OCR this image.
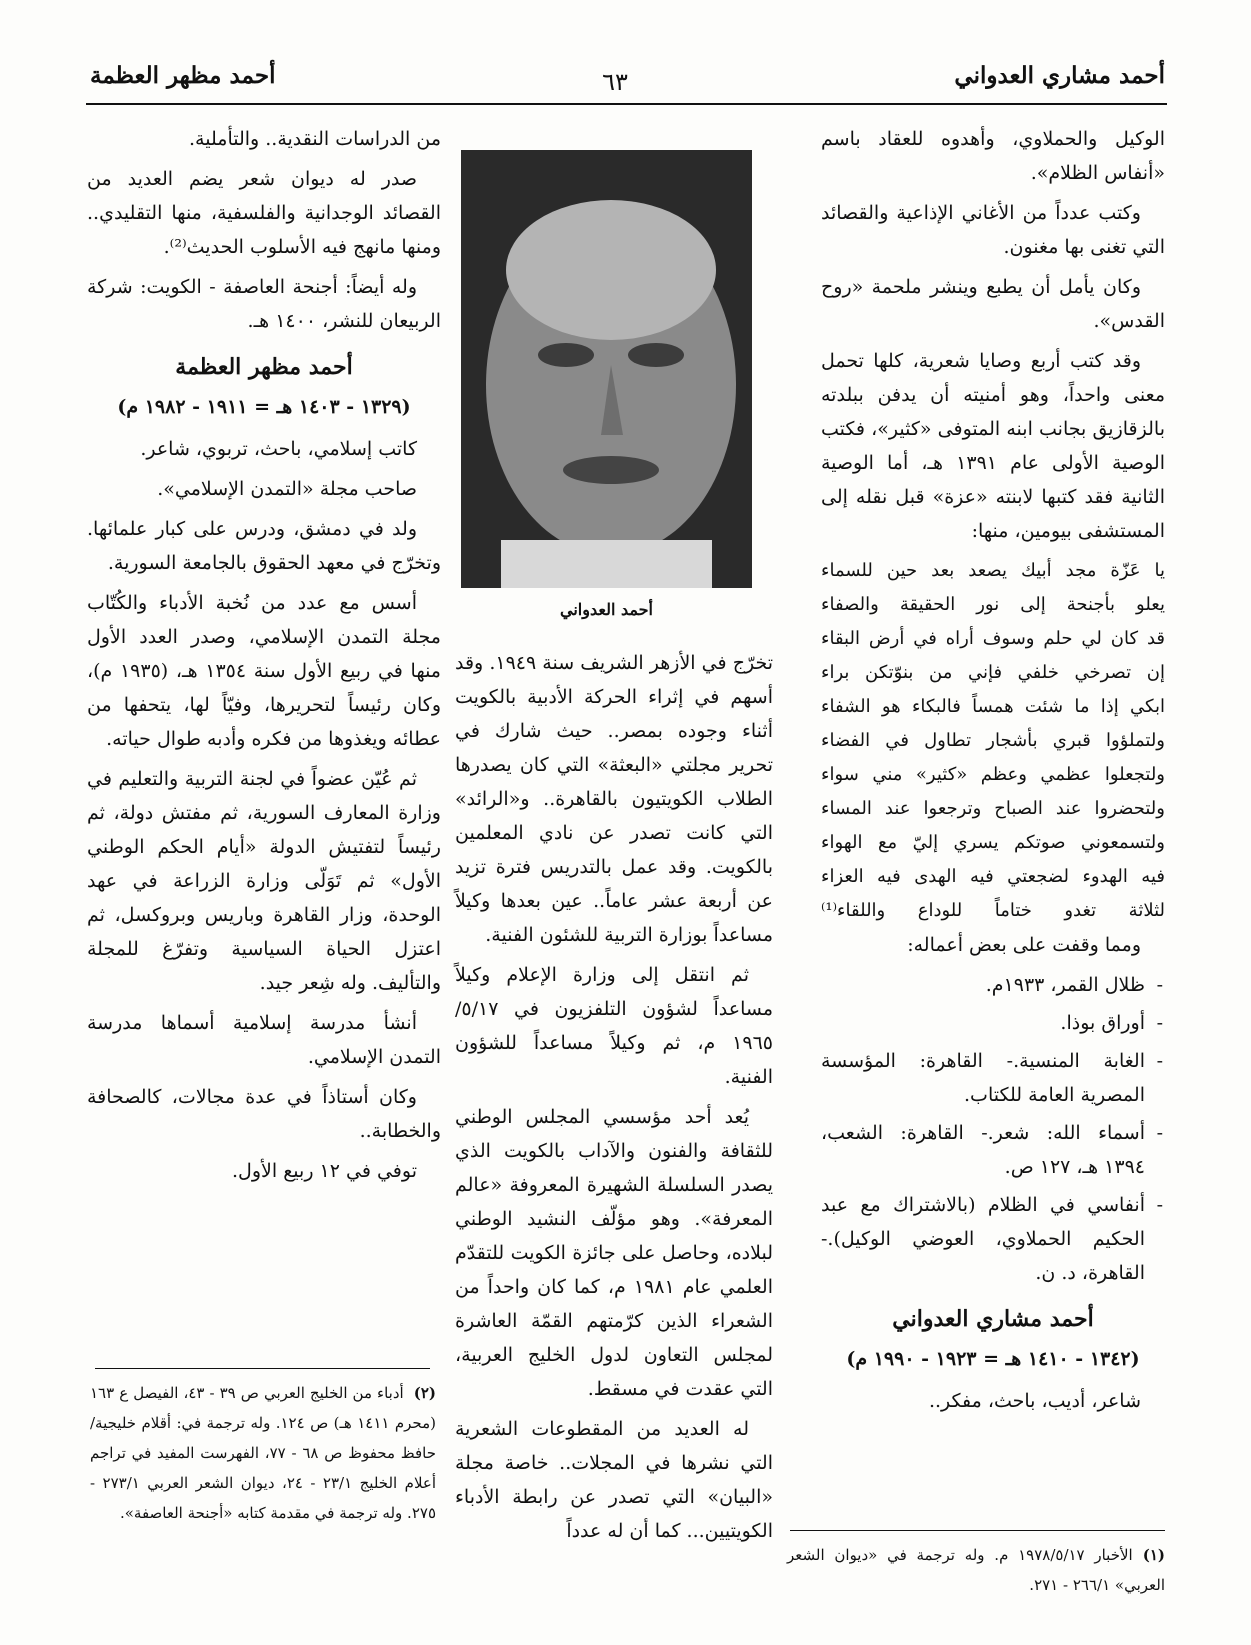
أحمد مشاري العدواني
٦٣
أحمد مظهر العظمة

الوكيل والحملاوي، وأهدوه للعقاد باسم «أنفاس الظلام».

وكتب عدداً من الأغاني الإذاعية والقصائد التي تغنى بها مغنون.

وكان يأمل أن يطبع وينشر ملحمة «روح القدس».

وقد كتب أربع وصايا شعرية، كلها تحمل معنى واحداً، وهو أمنيته أن يدفن ببلدته بالزقازيق بجانب ابنه المتوفى «كثير»، فكتب الوصية الأولى عام ١٣٩١ هـ، أما الوصية الثانية فقد كتبها لابنته «عزة» قبل نقله إلى المستشفى بيومين، منها:

يا عَزّة مجد أبيك يصعد بعد حين للسماء

يعلو بأجنحة إلى نور الحقيقة والصفاء

قد كان لي حلم وسوف أراه في أرض البقاء

إن تصرخي خلفي فإني من بنوّتكن براء

ابكي إذا ما شئت همساً فالبكاء هو الشفاء

ولتملؤوا قبري بأشجار تطاول في الفضاء

ولتجعلوا عظمي وعظم «كثير» مني سواء

ولتحضروا عند الصباح وترجعوا عند المساء

ولتسمعوني صوتكم يسري إليّ مع الهواء

فيه الهدوء لضجعتي فيه الهدى فيه العزاء

لثلاثة تغدو ختاماً للوداع واللقاء⁽¹⁾

ومما وقفت على بعض أعماله:

- ظلال القمر، ١٩٣٣م.
- أوراق بوذا.
- الغابة المنسية.- القاهرة: المؤسسة المصرية العامة للكتاب.
- أسماء الله: شعر.- القاهرة: الشعب، ١٣٩٤ هـ، ١٢٧ ص.
- أنفاسي في الظلام (بالاشتراك مع عبد الحكيم الحملاوي، العوضي الوكيل).- القاهرة، د. ن.
أحمد مشاري العدواني

(١٣٤٢ - ١٤١٠ هـ = ١٩٢٣ - ١٩٩٠ م)

شاعر، أديب، باحث، مفكر..

أحمد العدواني

تخرّج في الأزهر الشريف سنة ١٩٤٩. وقد أسهم في إثراء الحركة الأدبية بالكويت أثناء وجوده بمصر.. حيث شارك في تحرير مجلتي «البعثة» التي كان يصدرها الطلاب الكويتيون بالقاهرة.. و«الرائد» التي كانت تصدر عن نادي المعلمين بالكويت. وقد عمل بالتدريس فترة تزيد عن أربعة عشر عاماً.. عين بعدها وكيلاً مساعداً بوزارة التربية للشئون الفنية.

ثم انتقل إلى وزارة الإعلام وكيلاً مساعداً لشؤون التلفزيون في ٥/١٧/ ١٩٦٥ م، ثم وكيلاً مساعداً للشؤون الفنية.

يُعد أحد مؤسسي المجلس الوطني للثقافة والفنون والآداب بالكويت الذي يصدر السلسلة الشهيرة المعروفة «عالم المعرفة». وهو مؤلّف النشيد الوطني لبلاده، وحاصل على جائزة الكويت للتقدّم العلمي عام ١٩٨١ م، كما كان واحداً من الشعراء الذين كرّمتهم القمّة العاشرة لمجلس التعاون لدول الخليج العربية، التي عقدت في مسقط.

له العديد من المقطوعات الشعرية التي نشرها في المجلات.. خاصة مجلة «البيان» التي تصدر عن رابطة الأدباء الكويتيين... كما أن له عدداً

من الدراسات النقدية.. والتأملية.

صدر له ديوان شعر يضم العديد من القصائد الوجدانية والفلسفية، منها التقليدي.. ومنها مانهج فيه الأسلوب الحديث⁽²⁾.

وله أيضاً: أجنحة العاصفة - الكويت: شركة الربيعان للنشر، ١٤٠٠ هـ.

أحمد مظهر العظمة

(١٣٢٩ - ١٤٠٣ هـ = ١٩١١ - ١٩٨٢ م)

كاتب إسلامي، باحث، تربوي، شاعر.

صاحب مجلة «التمدن الإسلامي».

ولد في دمشق، ودرس على كبار علمائها. وتخرّج في معهد الحقوق بالجامعة السورية.

أسس مع عدد من نُخبة الأدباء والكُتّاب مجلة التمدن الإسلامي، وصدر العدد الأول منها في ربيع الأول سنة ١٣٥٤ هـ، (١٩٣٥ م)، وكان رئيساً لتحريرها، وفيّاً لها، يتحفها من عطائه ويغذوها من فكره وأدبه طوال حياته.

ثم عُيّن عضواً في لجنة التربية والتعليم في وزارة المعارف السورية، ثم مفتش دولة، ثم رئيساً لتفتيش الدولة «أيام الحكم الوطني الأول» ثم تَوَلّى وزارة الزراعة في عهد الوحدة، وزار القاهرة وباريس وبروكسل، ثم اعتزل الحياة السياسية وتفرّغ للمجلة والتأليف. وله شِعر جيد.

أنشأ مدرسة إسلامية أسماها مدرسة التمدن الإسلامي.

وكان أستاذاً في عدة مجالات، كالصحافة والخطابة..

توفي في ١٢ ربيع الأول.

(١)الأخبار ١٩٧٨/٥/١٧ م. وله ترجمة في «ديوان الشعر العربي» ٢٦٦/١ - ٢٧١.
(٢)أدباء من الخليج العربي ص ٣٩ - ٤٣، الفيصل ع ١٦٣ (محرم ١٤١١ هـ) ص ١٢٤. وله ترجمة في: أقلام خليجية/ حافظ محفوظ ص ٦٨ - ٧٧، الفهرست المفيد في تراجم أعلام الخليج ٢٣/١ - ٢٤، ديوان الشعر العربي ٢٧٣/١ - ٢٧٥. وله ترجمة في مقدمة كتابه «أجنحة العاصفة».
